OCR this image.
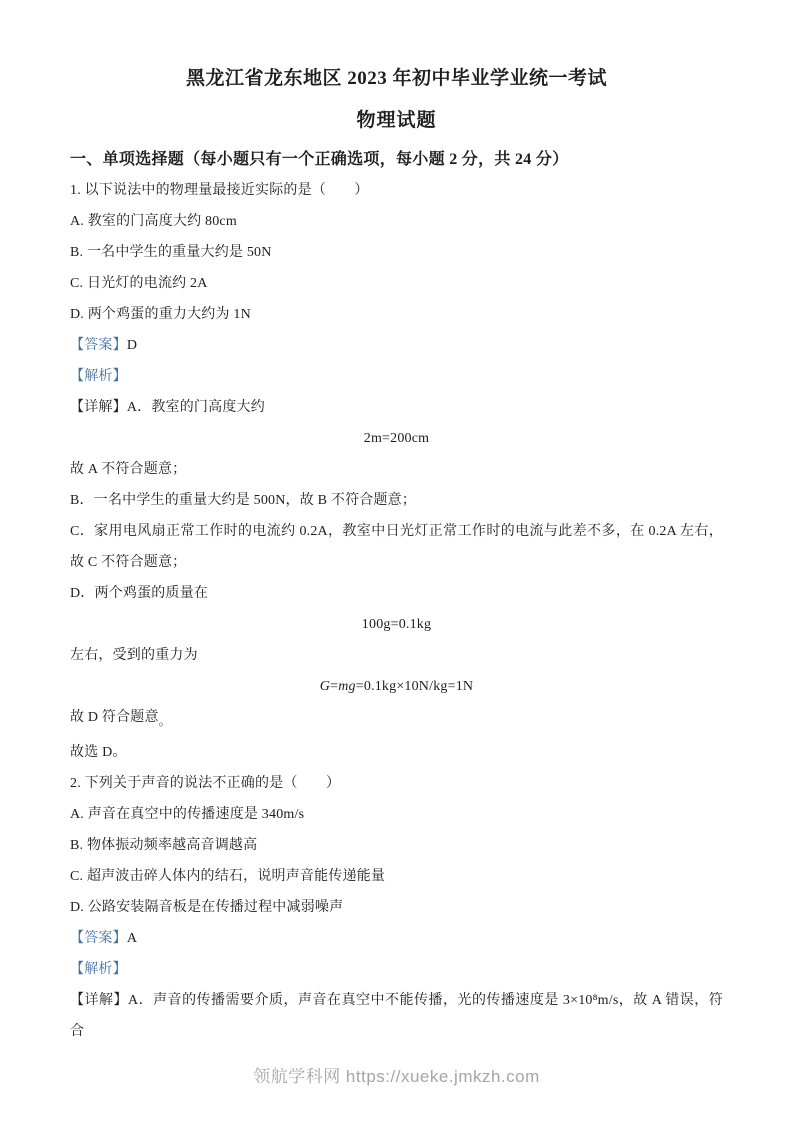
黑龙江省龙东地区 2023 年初中毕业学业统一考试
物理试题
一、单项选择题（每小题只有一个正确选项，每小题 2 分，共 24 分）

1. 以下说法中的物理量最接近实际的是（　　）

A. 教室的门高度大约 80cm

B. 一名中学生的重量大约是 50N

C. 日光灯的电流约 2A

D. 两个鸡蛋的重力大约为 1N

【答案】D

【解析】

【详解】A．教室的门高度大约

2m=200cm

故 A 不符合题意；

B．一名中学生的重量大约是 500N，故 B 不符合题意；

C．家用电风扇正常工作时的电流约 0.2A，教室中日光灯正常工作时的电流与此差不多，在 0.2A 左右，故 C 不符合题意；

D．两个鸡蛋的质量在

100g=0.1kg

左右，受到的重力为

G=mg=0.1kg×10N/kg=1N

故 D 符合题意。

故选 D。

2. 下列关于声音的说法不正确的是（　　）

A. 声音在真空中的传播速度是 340m/s

B. 物体振动频率越高音调越高

C. 超声波击碎人体内的结石，说明声音能传递能量

D. 公路安装隔音板是在传播过程中减弱噪声

【答案】A

【解析】

【详解】A．声音的传播需要介质，声音在真空中不能传播，光的传播速度是 3×10⁸m/s，故 A 错误，符合

领航学科网 https://xueke.jmkzh.com
